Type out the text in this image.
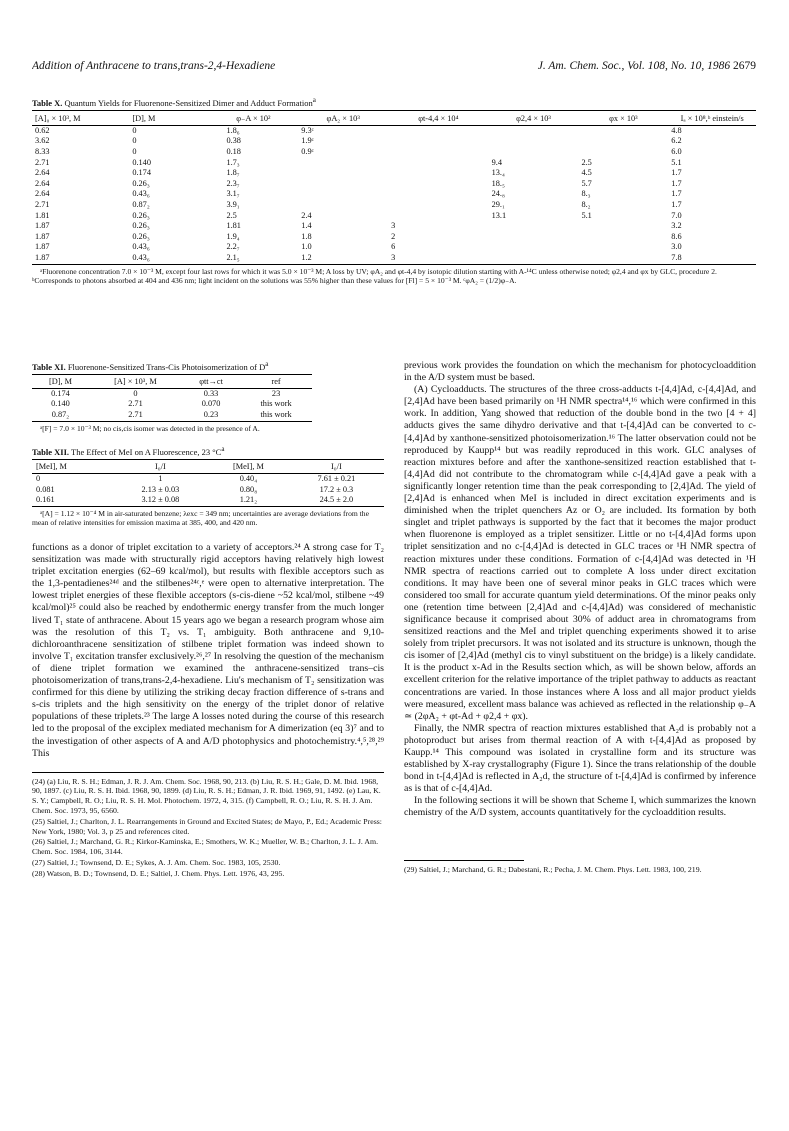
Addition of Anthracene to trans,trans-2,4-Hexadiene	J. Am. Chem. Soc., Vol. 108, No. 10, 1986 2679
Table X. Quantum Yields for Fluorenone-Sensitized Dimer and Adduct Formation$^a$
[A]₀ × 10³, M	[D], M	φ₋A × 10²	φA₂ × 10³	φt-4,4 × 10⁴	φ2,4 × 10³	φx × 10³	Iₐ × 10⁸,ᵇ einstein/s
0.62	0	1.8₆	9.3ᶜ				4.8
3.62	0	0.38	1.9ᶜ				6.2
8.33	0	0.18	0.9ᶜ				6.0
2.71	0.140	1.7₃			9.4	2.5	5.1
2.64	0.174	1.8₇			13.₄	4.5	1.7
2.64	0.26₃	2.3₇			18.₅	5.7	1.7
2.64	0.43₆	3.1₇			24.₈	8.₃	1.7
2.71	0.87₂	3.9₁			29.₁	8.₂	1.7
1.81	0.26₃	2.5	2.4		13.1	5.1	7.0
1.87	0.26₃	1.81	1.4	3			3.2
1.87	0.26₃	1.9₄	1.8	2			8.6
1.87	0.43₆	2.2₇	1.0	6			3.0
1.87	0.43₆	2.1₅	1.2	3			7.8
ᵃFluorenone concentration 7.0 × 10⁻³ M, except four last rows for which it was 5.0 × 10⁻³ M; A loss by UV; φA₂ and φt-4,4 by isotopic dilution starting with A-¹⁴C unless otherwise noted; φ2,4 and φx by GLC, procedure 2. ᵇCorresponds to photons absorbed at 404 and 436 nm; light incident on the solutions was 55% higher than these values for [Fl] = 5 × 10⁻³ M. ᶜφA₂ = (1/2)φ₋A.
Table XI. Fluorenone-Sensitized Trans-Cis Photoisomerization of $D^a$
[D], M	[A] × 10³, M	φtt→ct	ref
0.174	0	0.33	23
0.140	2.71	0.070	this work
0.87₂	2.71	0.23	this work
ᵃ[F] = 7.0 × 10⁻³ M; no cis,cis isomer was detected in the presence of A.
Table XII. The Effect of MeI on A Fluorescence, 23 $^\circ C^a$
[MeI], M	I₀/I	[MeI], M	I₀/I
0	1	0.40₄	7.61 ± 0.21
0.081	2.13 ± 0.03	0.80₈	17.2 ± 0.3
0.161	3.12 ± 0.08	1.21₂	24.5 ± 2.0
ᵃ[A] = 1.12 × 10⁻⁴ M in air-saturated benzene; λexc = 349 nm; uncertainties are average deviations from the mean of relative intensities for emission maxima at 385, 400, and 420 nm.

functions as a donor of triplet excitation to a variety of acceptors.²⁴ A strong case for T₂ sensitization was made with structurally rigid acceptors having relatively high lowest triplet excitation energies (62–69 kcal/mol), but results with flexible acceptors such as the 1,3-pentadienes²⁴ᵈ and the stilbenes²⁴ᶜ,ᵉ were open to alternative interpretation. The lowest triplet energies of these flexible acceptors (s-cis-diene ~52 kcal/mol, stilbene ~49 kcal/mol)²⁵ could also be reached by endothermic energy transfer from the much longer lived T₁ state of anthracene. About 15 years ago we began a research program whose aim was the resolution of this T₂ vs. T₁ ambiguity. Both anthracene and 9,10-dichloroanthracene sensitization of stilbene triplet formation was indeed shown to involve T₁ excitation transfer exclusively.²⁶,²⁷ In resolving the question of the mechanism of diene triplet formation we examined the anthracene-sensitized trans–cis photoisomerization of trans,trans-2,4-hexadiene. Liu's mechanism of T₂ sensitization was confirmed for this diene by utilizing the striking decay fraction difference of s-trans and s-cis triplets and the high sensitivity on the energy of the triplet donor of relative populations of these triplets.²³ The large A losses noted during the course of this research led to the proposal of the exciplex mediated mechanism for A dimerization (eq 3)⁷ and to the investigation of other aspects of A and A/D photophysics and photochemistry.⁴,⁵,²⁸,²⁹ This

(24) (a) Liu, R. S. H.; Edman, J. R. J. Am. Chem. Soc. 1968, 90, 213. (b) Liu, R. S. H.; Gale, D. M. Ibid. 1968, 90, 1897. (c) Liu, R. S. H. Ibid. 1968, 90, 1899. (d) Liu, R. S. H.; Edman, J. R. Ibid. 1969, 91, 1492. (e) Lau, K. S. Y.; Campbell, R. O.; Liu, R. S. H. Mol. Photochem. 1972, 4, 315. (f) Campbell, R. O.; Liu, R. S. H. J. Am. Chem. Soc. 1973, 95, 6560.

(25) Saltiel, J.; Charlton, J. L. Rearrangements in Ground and Excited States; de Mayo, P., Ed.; Academic Press: New York, 1980; Vol. 3, p 25 and references cited.

(26) Saltiel, J.; Marchand, G. R.; Kirkor-Kaminska, E.; Smothers, W. K.; Mueller, W. B.; Charlton, J. L. J. Am. Chem. Soc. 1984, 106, 3144.

(27) Saltiel, J.; Townsend, D. E.; Sykes, A. J. Am. Chem. Soc. 1983, 105, 2530.

(28) Watson, B. D.; Townsend, D. E.; Saltiel, J. Chem. Phys. Lett. 1976, 43, 295.

previous work provides the foundation on which the mechanism for photocycloaddition in the A/D system must be based.

(A) Cycloadducts. The structures of the three cross-adducts t-[4,4]Ad, c-[4,4]Ad, and [2,4]Ad have been based primarily on ¹H NMR spectra¹⁴,¹⁶ which were confirmed in this work. In addition, Yang showed that reduction of the double bond in the two [4 + 4] adducts gives the same dihydro derivative and that t-[4,4]Ad can be converted to c-[4,4]Ad by xanthone-sensitized photoisomerization.¹⁶ The latter observation could not be reproduced by Kaupp¹⁴ but was readily reproduced in this work. GLC analyses of reaction mixtures before and after the xanthone-sensitized reaction established that t-[4,4]Ad did not contribute to the chromatogram while c-[4,4]Ad gave a peak with a significantly longer retention time than the peak corresponding to [2,4]Ad. The yield of [2,4]Ad is enhanced when MeI is included in direct excitation experiments and is diminished when the triplet quenchers Az or O₂ are included. Its formation by both singlet and triplet pathways is supported by the fact that it becomes the major product when fluorenone is employed as a triplet sensitizer. Little or no t-[4,4]Ad forms upon triplet sensitization and no c-[4,4]Ad is detected in GLC traces or ¹H NMR spectra of reaction mixtures under these conditions. Formation of c-[4,4]Ad was detected in ¹H NMR spectra of reactions carried out to complete A loss under direct excitation conditions. It may have been one of several minor peaks in GLC traces which were considered too small for accurate quantum yield determinations. Of the minor peaks only one (retention time between [2,4]Ad and c-[4,4]Ad) was considered of mechanistic significance because it comprised about 30% of adduct area in chromatograms from sensitized reactions and the MeI and triplet quenching experiments showed it to arise solely from triplet precursors. It was not isolated and its structure is unknown, though the cis isomer of [2,4]Ad (methyl cis to vinyl substituent on the bridge) is a likely candidate. It is the product x-Ad in the Results section which, as will be shown below, affords an excellent criterion for the relative importance of the triplet pathway to adducts as reactant concentrations are varied. In those instances where A loss and all major product yields were measured, excellent mass balance was achieved as reflected in the relationship φ₋A ≃ (2φA₂ + φt-Ad + φ2,4 + φx).

Finally, the NMR spectra of reaction mixtures established that A₂d is probably not a photoproduct but arises from thermal reaction of A with t-[4,4]Ad as proposed by Kaupp.¹⁴ This compound was isolated in crystalline form and its structure was established by X-ray crystallography (Figure 1). Since the trans relationship of the double bond in t-[4,4]Ad is reflected in A₂d, the structure of t-[4,4]Ad is confirmed by inference as is that of c-[4,4]Ad.

In the following sections it will be shown that Scheme I, which summarizes the known chemistry of the A/D system, accounts quantitatively for the cycloaddition results.

(29) Saltiel, J.; Marchand, G. R.; Dabestani, R.; Pecha, J. M. Chem. Phys. Lett. 1983, 100, 219.
